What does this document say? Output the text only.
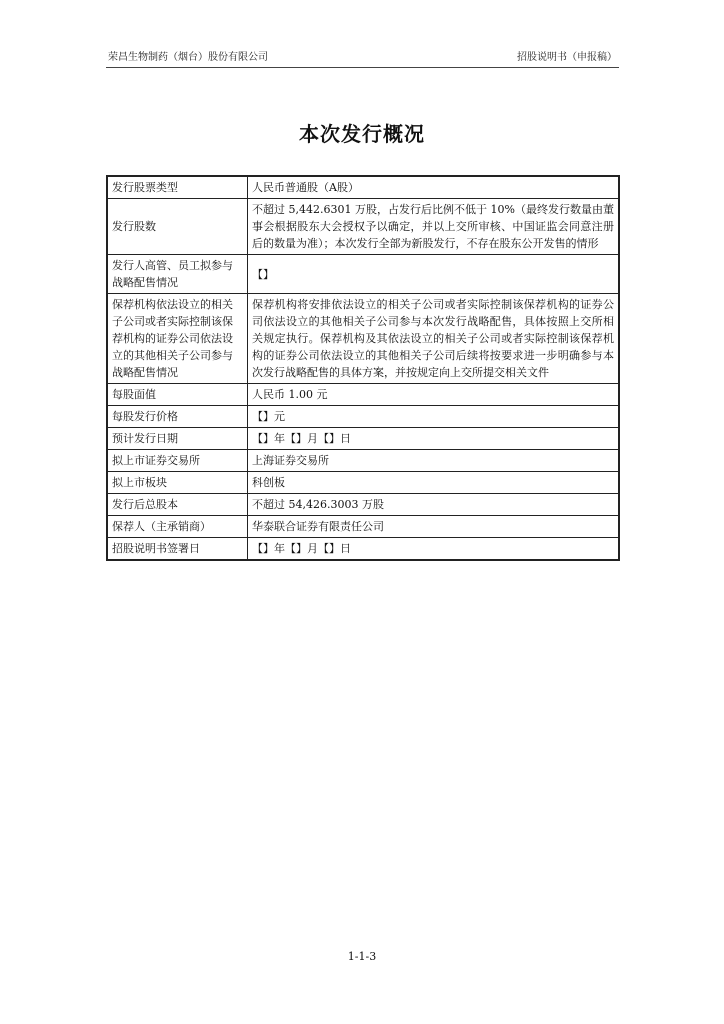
荣昌生物制药（烟台）股份有限公司	招股说明书（申报稿）
本次发行概况
发行股票类型	人民币普通股（A股）
发行股数	不超过 5,442.6301 万股，占发行后比例不低于 10%（最终发行数量由董事会根据股东大会授权予以确定，并以上交所审核、中国证监会同意注册后的数量为准）；本次发行全部为新股发行，不存在股东公开发售的情形
发行人高管、员工拟参与战略配售情况	【】
保荐机构依法设立的相关子公司或者实际控制该保荐机构的证券公司依法设立的其他相关子公司参与战略配售情况	保荐机构将安排依法设立的相关子公司或者实际控制该保荐机构的证券公司依法设立的其他相关子公司参与本次发行战略配售，具体按照上交所相关规定执行。保荐机构及其依法设立的相关子公司或者实际控制该保荐机构的证券公司依法设立的其他相关子公司后续将按要求进一步明确参与本次发行战略配售的具体方案，并按规定向上交所提交相关文件
每股面值	人民币 1.00 元
每股发行价格	【】元
预计发行日期	【】年【】月【】日
拟上市证券交易所	上海证券交易所
拟上市板块	科创板
发行后总股本	不超过 54,426.3003 万股
保荐人（主承销商）	华泰联合证券有限责任公司
招股说明书签署日	【】年【】月【】日
1-1-3
